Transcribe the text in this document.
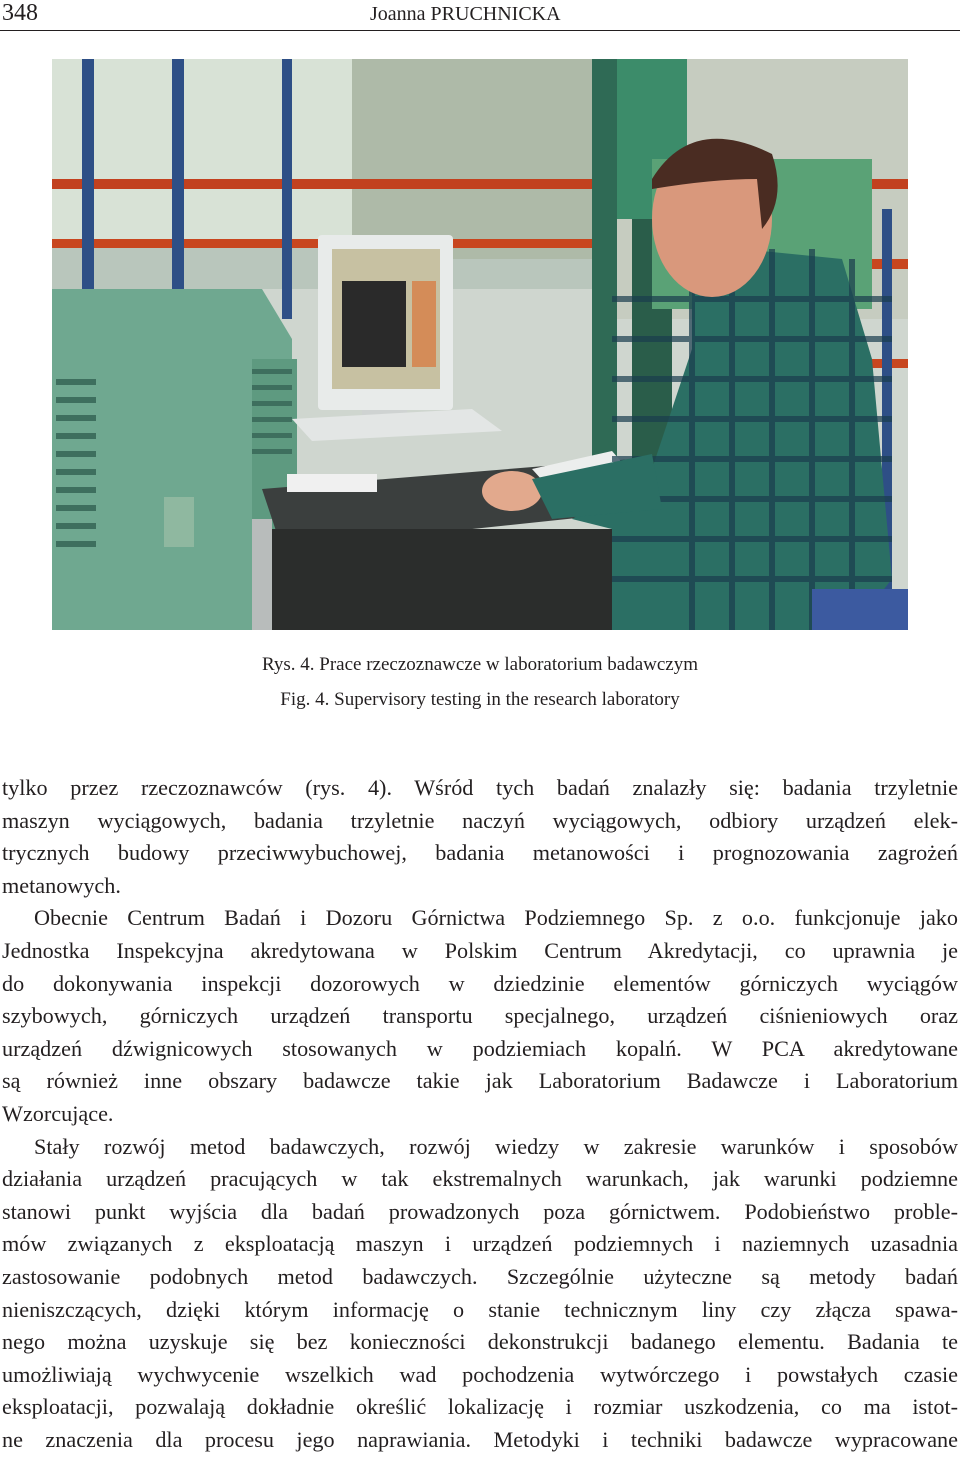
348	Joanna PRUCHNICKA
Rys. 4. Prace rzeczoznawcze w laboratorium badawczym
Fig. 4. Supervisory testing in the research laboratory
tylko przez rzeczoznawców (rys. 4). Wśród tych badań znalazły się: badania trzyletnie
maszyn wyciągowych, badania trzyletnie naczyń wyciągowych, odbiory urządzeń elek-
trycznych budowy przeciwwybuchowej, badania metanowości i prognozowania zagrożeń
metanowych.
Obecnie Centrum Badań i Dozoru Górnictwa Podziemnego Sp. z o.o. funkcjonuje jako
Jednostka Inspekcyjna akredytowana w Polskim Centrum Akredytacji, co uprawnia je
do dokonywania inspekcji dozorowych w dziedzinie elementów górniczych wyciągów
szybowych, górniczych urządzeń transportu specjalnego, urządzeń ciśnieniowych oraz
urządzeń dźwignicowych stosowanych w podziemiach kopalń. W PCA akredytowane
są również inne obszary badawcze takie jak Laboratorium Badawcze i Laboratorium
Wzorcujące.
Stały rozwój metod badawczych, rozwój wiedzy w zakresie warunków i sposobów
działania urządzeń pracujących w tak ekstremalnych warunkach, jak warunki podziemne
stanowi punkt wyjścia dla badań prowadzonych poza górnictwem. Podobieństwo proble-
mów związanych z eksploatacją maszyn i urządzeń podziemnych i naziemnych uzasadnia
zastosowanie podobnych metod badawczych. Szczególnie użyteczne są metody badań
nieniszczących, dzięki którym informację o stanie technicznym liny czy złącza spawa-
nego można uzyskuje się bez konieczności dekonstrukcji badanego elementu. Badania te
umożliwiają wychwycenie wszelkich wad pochodzenia wytwórczego i powstałych czasie
eksploatacji, pozwalają dokładnie określić lokalizację i rozmiar uszkodzenia, co ma istot-
ne znaczenia dla procesu jego naprawiania. Metodyki i techniki badawcze wypracowane
